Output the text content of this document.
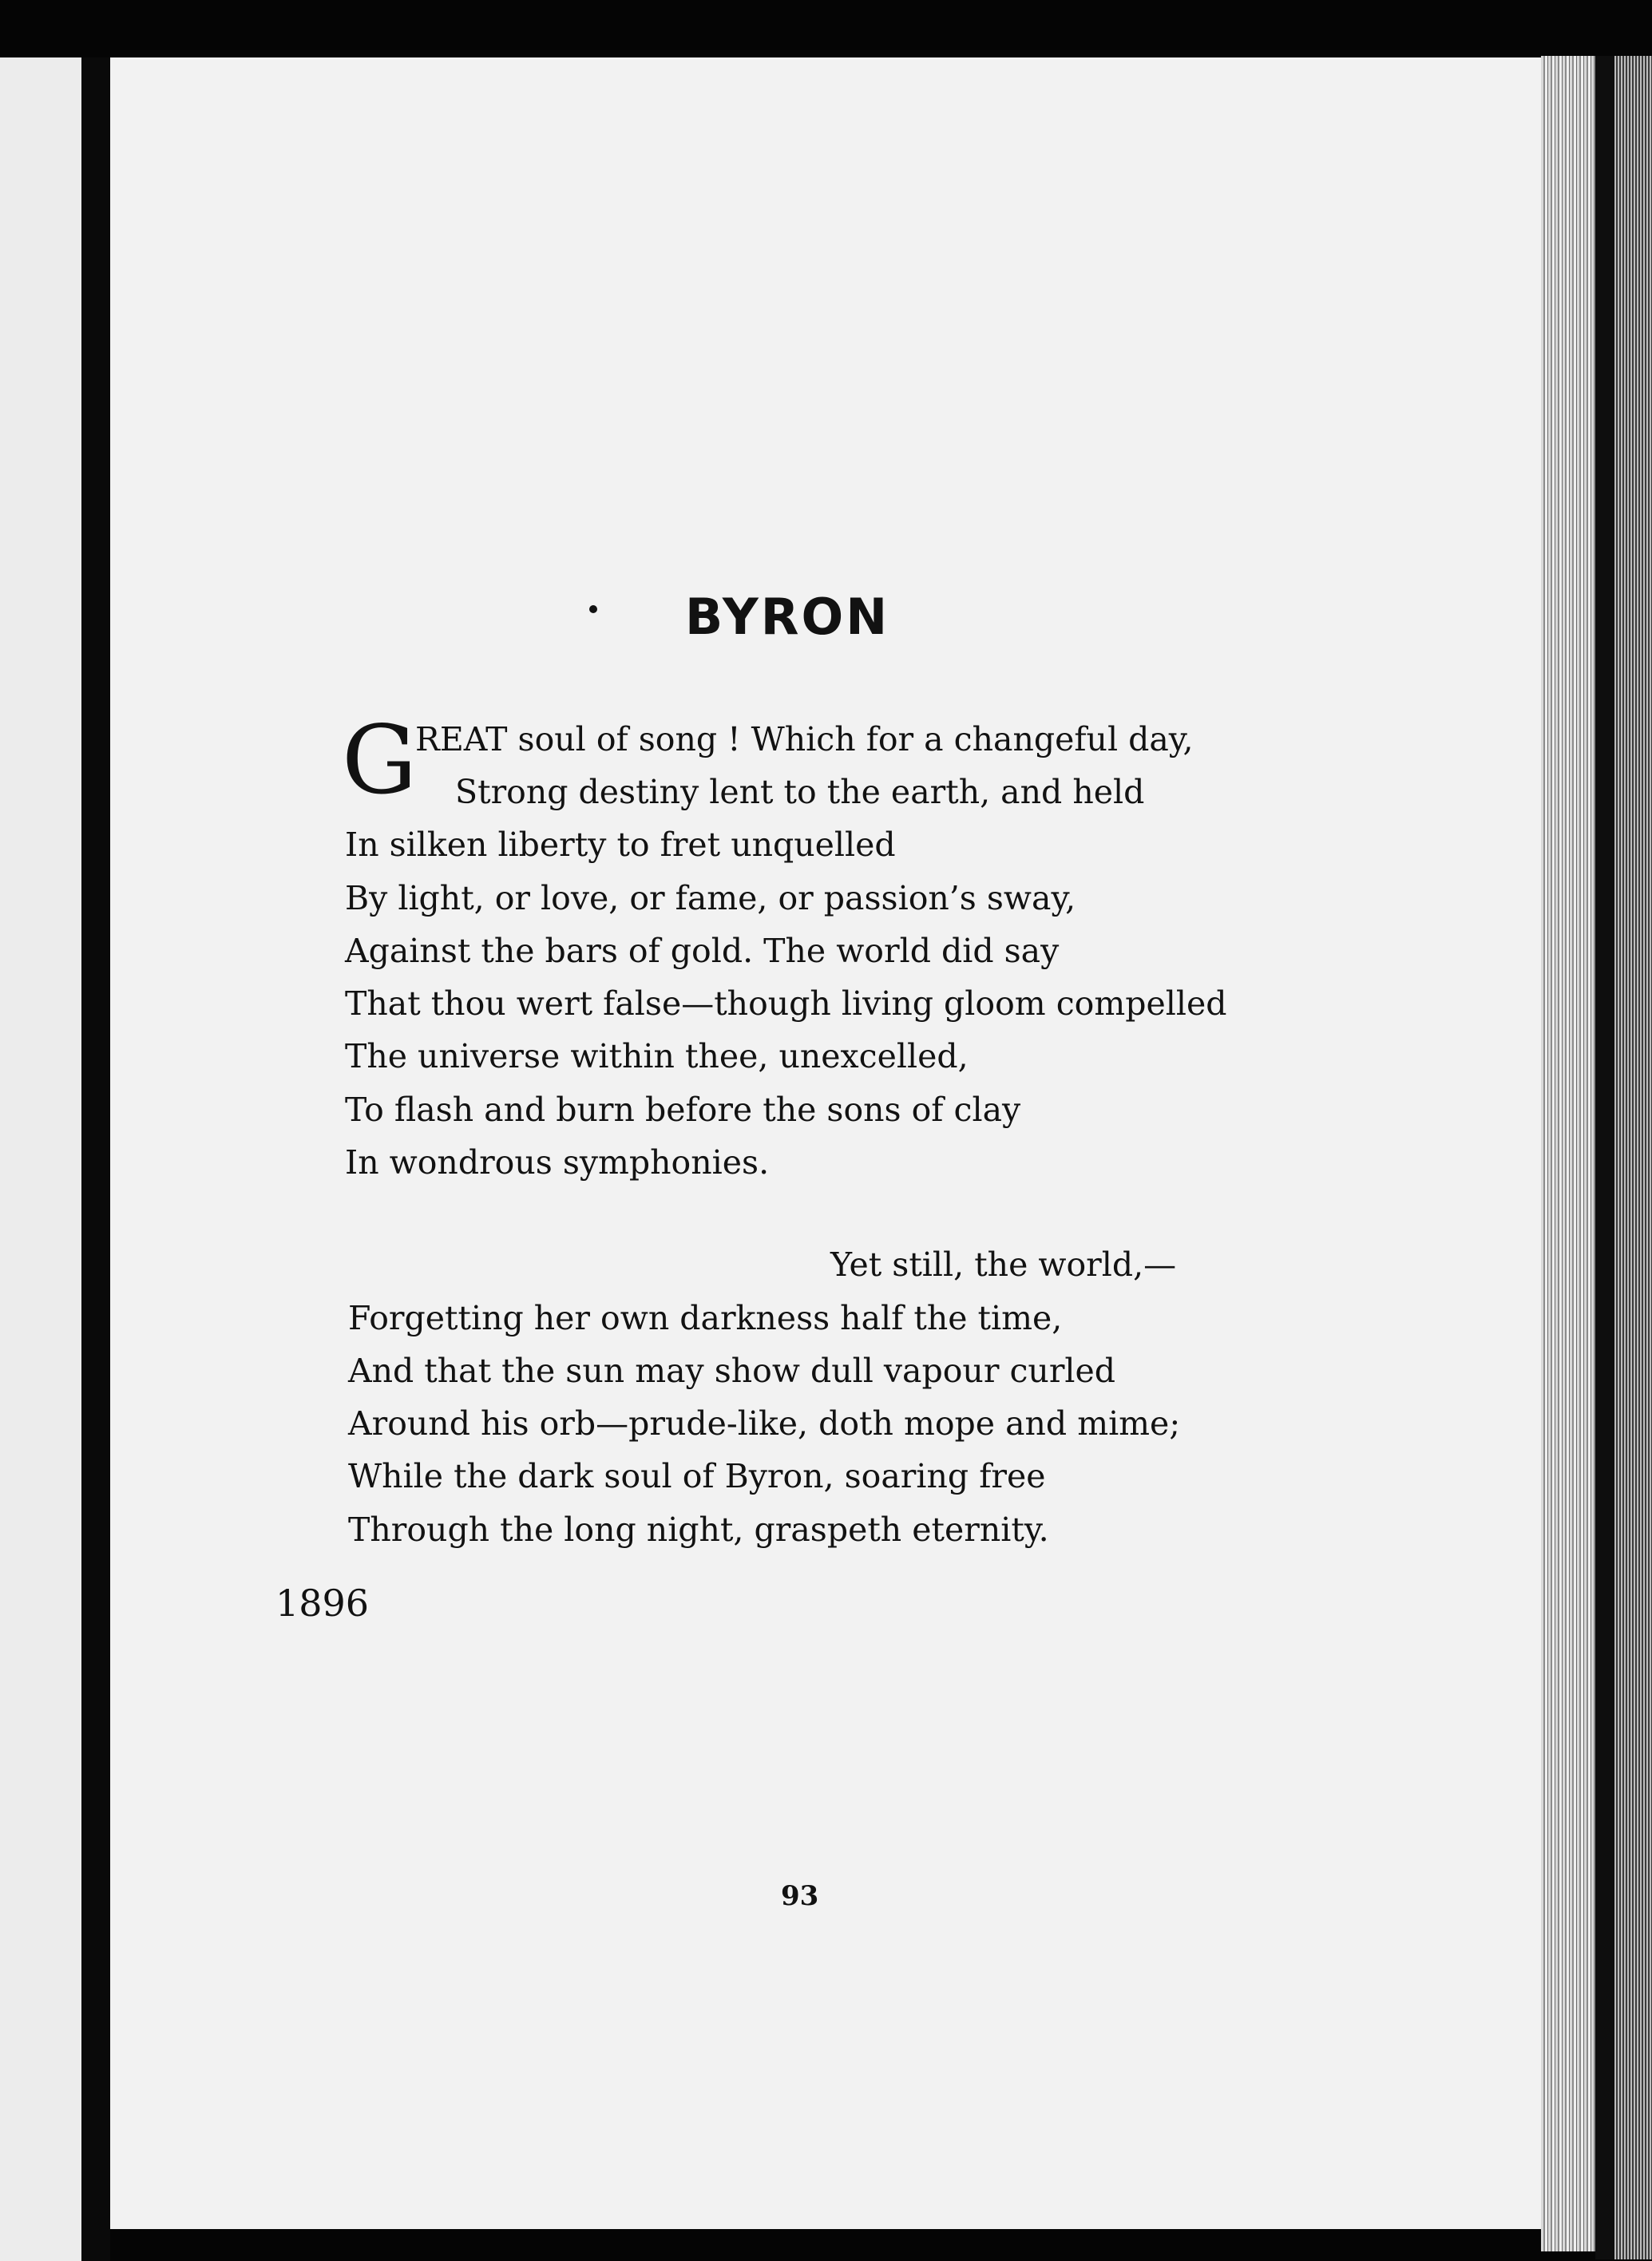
BYRON
G
REAT soul of song ! Which for a changeful day,
Strong destiny lent to the earth, and held
In silken liberty to fret unquelled
By light, or love, or fame, or passion’s sway,
Against the bars of gold. The world did say
That thou wert false—though living gloom compelled
The universe within thee, unexcelled,
To flash and burn before the sons of clay
In wondrous symphonies.
Yet still, the world,—
Forgetting her own darkness half the time,
And that the sun may show dull vapour curled
Around his orb—prude-like, doth mope and mime;
While the dark soul of Byron, soaring free
Through the long night, graspeth eternity.
1896
93
